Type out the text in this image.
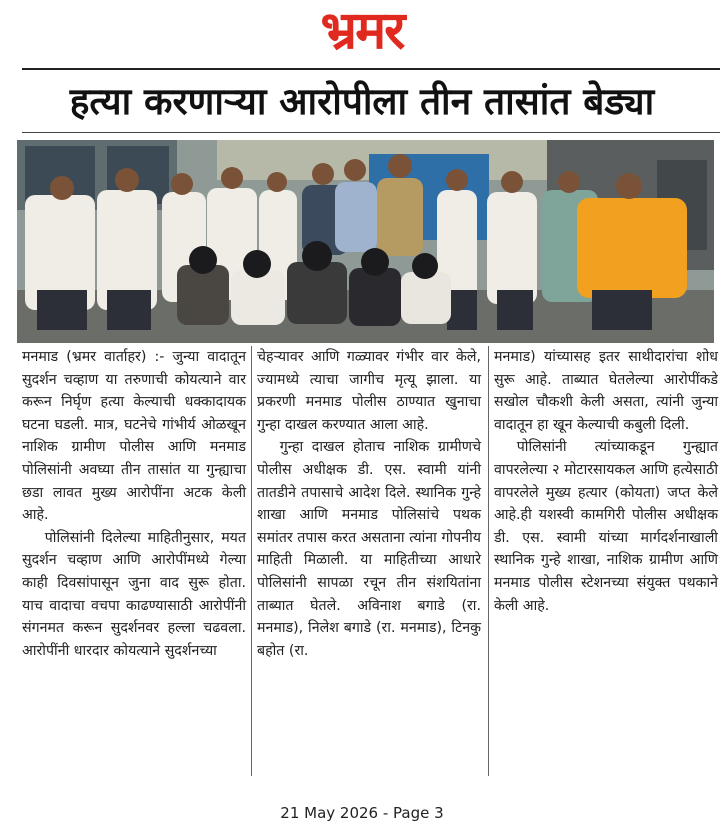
भ्रमर
हत्या करणाऱ्या आरोपीला तीन तासांत बेड्या

मनमाड (भ्रमर वार्ताहर) :- जुन्या वादातून सुदर्शन चव्हाण या तरुणाची कोयत्याने वार करून निर्घृण हत्या केल्याची धक्कादायक घटना घडली. मात्र, घटनेचे गांभीर्य ओळखून नाशिक ग्रामीण पोलीस आणि मनमाड पोलिसांनी अवघ्या तीन तासांत या गुन्ह्याचा छडा लावत मुख्य आरोपींना अटक केली आहे.

पोलिसांनी दिलेल्या माहितीनुसार, मयत सुदर्शन चव्हाण आणि आरोपींमध्ये गेल्या काही दिवसांपासून जुना वाद सुरू होता. याच वादाचा वचपा काढण्यासाठी आरोपींनी संगनमत करून सुदर्शनवर हल्ला चढवला. आरोपींनी धारदार कोयत्याने सुदर्शनच्या

चेहऱ्यावर आणि गळ्यावर गंभीर वार केले, ज्यामध्ये त्याचा जागीच मृत्यू झाला. या प्रकरणी मनमाड पोलीस ठाण्यात खुनाचा गुन्हा दाखल करण्यात आला आहे.

गुन्हा दाखल होताच नाशिक ग्रामीणचे पोलीस अधीक्षक डी. एस. स्वामी यांनी तातडीने तपासाचे आदेश दिले. स्थानिक गुन्हे शाखा आणि मनमाड पोलिसांचे पथक समांतर तपास करत असताना त्यांना गोपनीय माहिती मिळाली. या माहितीच्या आधारे पोलिसांनी सापळा रचून तीन संशयितांना ताब्यात घेतले. अविनाश बगाडे (रा. मनमाड), निलेश बगाडे (रा. मनमाड), टिनकु बहोत (रा.

मनमाड) यांच्यासह इतर साथीदारांचा शोध सुरू आहे. ताब्यात घेतलेल्या आरोपींकडे सखोल चौकशी केली असता, त्यांनी जुन्या वादातून हा खून केल्याची कबुली दिली.

पोलिसांनी त्यांच्याकडून गुन्ह्यात वापरलेल्या २ मोटारसायकल आणि हत्येसाठी वापरलेले मुख्य हत्यार (कोयता) जप्त केले आहे.ही यशस्वी कामगिरी पोलीस अधीक्षक डी. एस. स्वामी यांच्या मार्गदर्शनाखाली स्थानिक गुन्हे शाखा, नाशिक ग्रामीण आणि मनमाड पोलीस स्टेशनच्या संयुक्त पथकाने केली आहे.

21 May 2026 - Page 3
